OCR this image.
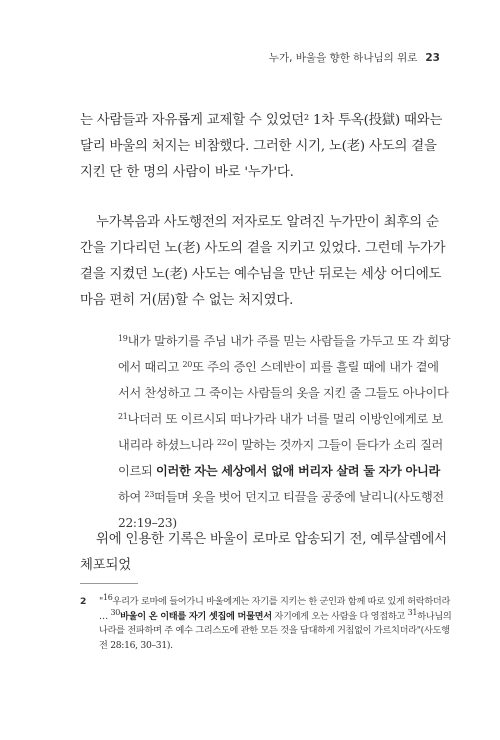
누가, 바울을 향한 하나님의 위로 23

는 사람들과 자유롭게 교제할 수 있었던$^2$ 1차 투옥(投獄) 때와는 달리 바울의 처지는 비참했다. 그러한 시기, 노(老) 사도의 곁을 지킨 단 한 명의 사람이 바로 '누가'다.

누가복음과 사도행전의 저자로도 알려진 누가만이 최후의 순간을 기다리던 노(老) 사도의 곁을 지키고 있었다. 그런데 누가가 곁을 지켰던 노(老) 사도는 예수님을 만난 뒤로는 세상 어디에도 마음 편히 거(居)할 수 없는 처지였다.

$^{19}$내가 말하기를 주님 내가 주를 믿는 사람들을 가두고 또 각 회당에서 때리고 $^{20}$또 주의 증인 스데반이 피를 흘릴 때에 내가 곁에 서서 찬성하고 그 죽이는 사람들의 옷을 지킨 줄 그들도 아나이다 $^{21}$나더러 또 이르시되 떠나가라 내가 너를 멀리 이방인에게로 보내리라 하셨느니라 $^{22}$이 말하는 것까지 그들이 듣다가 소리 질러 이르되 이러한 자는 세상에서 없애 버리자 살려 둘 자가 아니라 하여 $^{23}$떠들며 옷을 벗어 던지고 티끌을 공중에 날리니(사도행전 22:19–23)

위에 인용한 기록은 바울이 로마로 압송되기 전, 예루살렘에서 체포되었

2 "$^{16}$우리가 로마에 들어가니 바울에게는 자기를 지키는 한 군인과 함께 따로 있게 허락하더라 … $^{30}$바울이 온 이태를 자기 셋집에 머물면서 자기에게 오는 사람을 다 영접하고 $^{31}$하나님의 나라를 전파하며 주 예수 그리스도에 관한 모든 것을 담대하게 거침없이 가르치더라"(사도행전 28:16, 30–31).
